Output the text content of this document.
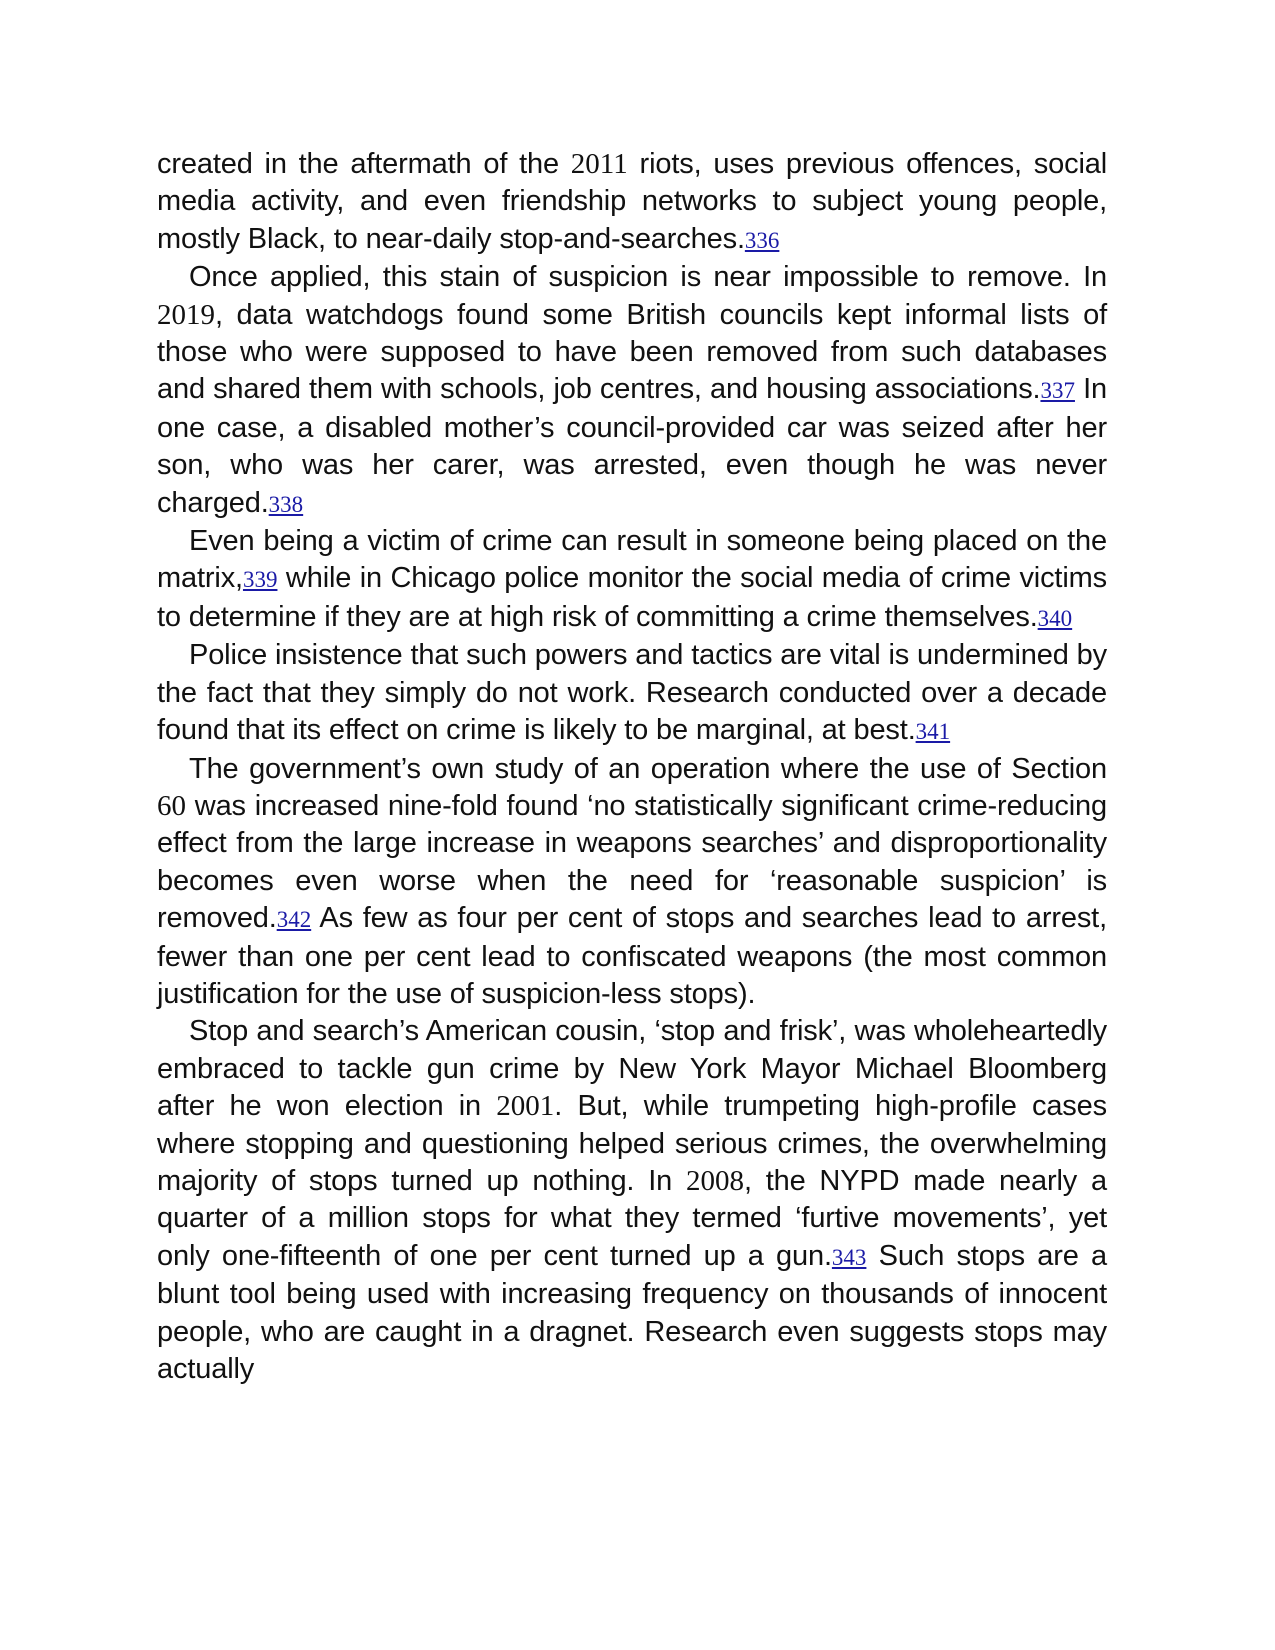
created in the aftermath of the 2011 riots, uses previous offences, social media activity, and even friendship networks to subject young people, mostly Black, to near-daily stop-and-searches.336

Once applied, this stain of suspicion is near impossible to remove. In 2019, data watchdogs found some British councils kept informal lists of those who were supposed to have been removed from such databases and shared them with schools, job centres, and housing associations.337 In one case, a disabled mother’s council-provided car was seized after her son, who was her carer, was arrested, even though he was never charged.338

Even being a victim of crime can result in someone being placed on the matrix,339 while in Chicago police monitor the social media of crime victims to determine if they are at high risk of committing a crime themselves.340

Police insistence that such powers and tactics are vital is undermined by the fact that they simply do not work. Research conducted over a decade found that its effect on crime is likely to be marginal, at best.341

The government’s own study of an operation where the use of Section 60 was increased nine-fold found ‘no statistically significant crime-reducing effect from the large increase in weapons searches’ and disproportionality becomes even worse when the need for ‘reasonable suspicion’ is removed.342 As few as four per cent of stops and searches lead to arrest, fewer than one per cent lead to confiscated weapons (the most common justification for the use of suspicion-less stops).

Stop and search’s American cousin, ‘stop and frisk’, was wholeheartedly embraced to tackle gun crime by New York Mayor Michael Bloomberg after he won election in 2001. But, while trumpeting high-profile cases where stopping and questioning helped serious crimes, the overwhelming majority of stops turned up nothing. In 2008, the NYPD made nearly a quarter of a million stops for what they termed ‘furtive movements’, yet only one-fifteenth of one per cent turned up a gun.343 Such stops are a blunt tool being used with increasing frequency on thousands of innocent people, who are caught in a dragnet. Research even suggests stops may actually
